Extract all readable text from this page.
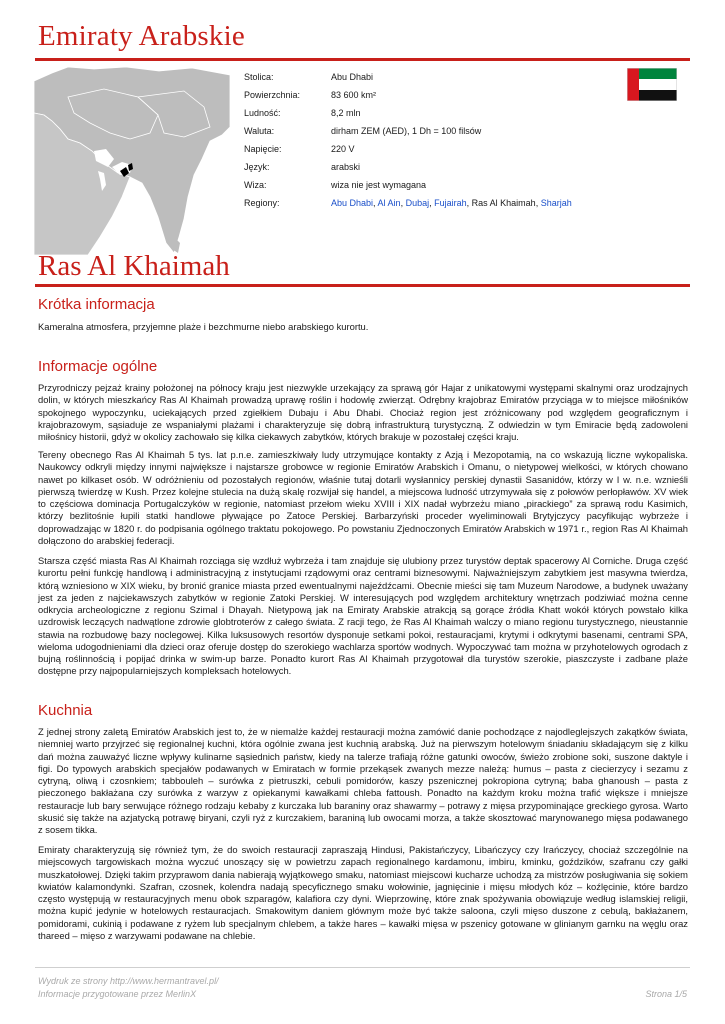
Emiraty Arabskie
Stolica:	Abu Dhabi
Powierzchnia:	83 600 km²
Ludność:	8,2 mln
Waluta:	dirham ZEM (AED), 1 Dh = 100 filsów
Napięcie:	220 V
Język:	arabski
Wiza:	wiza nie jest wymagana
Regiony:	Abu Dhabi, Al Ain, Dubaj, Fujairah, Ras Al Khaimah, Sharjah
Ras Al Khaimah
Krótka informacja

Kameralna atmosfera, przyjemne plaże i bezchmurne niebo arabskiego kurortu.

Informacje ogólne

Przyrodniczy pejzaż krainy położonej na północy kraju jest niezwykle urzekający za sprawą gór Hajar z unikatowymi występami skalnymi oraz urodzajnych dolin, w których mieszkańcy Ras Al Khaimah prowadzą uprawę roślin i hodowlę zwierząt. Odrębny krajobraz Emiratów przyciąga w to miejsce miłośników spokojnego wypoczynku, uciekających przed zgiełkiem Dubaju i Abu Dhabi. Chociaż region jest zróżnicowany pod względem geograficznym i krajobrazowym, sąsiaduje ze wspaniałymi plażami i charakteryzuje się dobrą infrastrukturą turystyczną. Z odwiedzin w tym Emiracie będą zadowoleni miłośnicy historii, gdyż w okolicy zachowało się kilka ciekawych zabytków, których brakuje w pozostałej części kraju.

Tereny obecnego Ras Al Khaimah 5 tys. lat p.n.e. zamieszkiwały ludy utrzymujące kontakty z Azją i Mezopotamią, na co wskazują liczne wykopaliska. Naukowcy odkryli między innymi największe i najstarsze grobowce w regionie Emiratów Arabskich i Omanu, o nietypowej wielkości, w których chowano nawet po kilkaset osób. W odróżnieniu od pozostałych regionów, właśnie tutaj dotarli wysłannicy perskiej dynastii Sasanidów, którzy w I w. n.e. wznieśli pierwszą twierdzę w Kush. Przez kolejne stulecia na dużą skalę rozwijał się handel, a miejscowa ludność utrzymywała się z połowów perłopławów. XV wiek to częściowa dominacja Portugalczyków w regionie, natomiast przełom wieku XVIII i XIX nadał wybrzeżu miano „pirackiego” za sprawą rodu Kasimich, którzy bezlitośnie łupili statki handlowe pływające po Zatoce Perskiej. Barbarzyński proceder wyeliminowali Brytyjczycy pacyfikując wybrzeże i doprowadzając w 1820 r. do podpisania ogólnego traktatu pokojowego. Po powstaniu Zjednoczonych Emiratów Arabskich w 1971 r., region Ras Al Khaimah dołączono do arabskiej federacji.

Starsza część miasta Ras Al Khaimah rozciąga się wzdłuż wybrzeża i tam znajduje się ulubiony przez turystów deptak spacerowy Al Corniche. Druga część kurortu pełni funkcję handlową i administracyjną z instytucjami rządowymi oraz centrami biznesowymi. Najważniejszym zabytkiem jest masywna twierdza, którą wzniesiono w XIX wieku, by bronić granice miasta przed ewentualnymi najeźdźcami. Obecnie mieści się tam Muzeum Narodowe, a budynek uważany jest za jeden z najciekawszych zabytków w regionie Zatoki Perskiej. W interesujących pod względem architektury wnętrzach podziwiać można cenne odkrycia archeologiczne z regionu Szimal i Dhayah. Nietypową jak na Emiraty Arabskie atrakcją są gorące źródła Khatt wokół których powstało kilka uzdrowisk leczących nadwątlone zdrowie globtroterów z całego świata. Z racji tego, że Ras Al Khaimah walczy o miano regionu turystycznego, nieustannie stawia na rozbudowę bazy noclegowej. Kilka luksusowych resortów dysponuje setkami pokoi, restauracjami, krytymi i odkrytymi basenami, centrami SPA, wieloma udogodnieniami dla dzieci oraz oferuje dostęp do szerokiego wachlarza sportów wodnych. Wypoczywać tam można w przyhotelowych ogrodach z bujną roślinnością i popijać drinka w swim-up barze. Ponadto kurort Ras Al Khaimah przygotował dla turystów szerokie, piaszczyste i zadbane plaże dostępne przy najpopularniejszych kompleksach hotelowych.

Kuchnia

Z jednej strony zaletą Emiratów Arabskich jest to, że w niemalże każdej restauracji można zamówić danie pochodzące z najodleglejszych zakątków świata, niemniej warto przyjrzeć się regionalnej kuchni, która ogólnie zwana jest kuchnią arabską. Już na pierwszym hotelowym śniadaniu składającym się z kilku dań można zauważyć liczne wpływy kulinarne sąsiednich państw, kiedy na talerze trafiają różne gatunki owoców, świeżo zrobione soki, suszone daktyle i figi. Do typowych arabskich specjałów podawanych w Emiratach w formie przekąsek zwanych mezze należą: humus – pasta z ciecierzycy i sezamu z cytryną, oliwą i czosnkiem; tabbouleh – surówka z pietruszki, cebuli pomidorów, kaszy pszenicznej pokropiona cytryną; baba ghanoush – pasta z pieczonego bakłażana czy surówka z warzyw z opiekanymi kawałkami chleba fattoush. Ponadto na każdym kroku można trafić większe i mniejsze restauracje lub bary serwujące różnego rodzaju kebaby z kurczaka lub baraniny oraz shawarmy – potrawy z mięsa przypominające greckiego gyrosa. Warto skusić się także na azjatycką potrawę biryani, czyli ryż z kurczakiem, baraniną lub owocami morza, a także skosztować marynowanego mięsa podawanego z sosem tikka.

Emiraty charakteryzują się również tym, że do swoich restauracji zapraszają Hindusi, Pakistańczycy, Libańczycy czy Irańczycy, chociaż szczególnie na miejscowych targowiskach można wyczuć unoszący się w powietrzu zapach regionalnego kardamonu, imbiru, kminku, goździków, szafranu czy gałki muszkatołowej. Dzięki takim przyprawom dania nabierają wyjątkowego smaku, natomiast miejscowi kucharze uchodzą za mistrzów posługiwania się sokiem kwiatów kalamondynki. Szafran, czosnek, kolendra nadają specyficznego smaku wołowinie, jagnięcinie i mięsu młodych kóz – koźlęcinie, które bardzo często występują w restauracyjnych menu obok szparagów, kalafiora czy dyni. Wieprzowinę, które znak spożywania obowiązuje według islamskiej religii, można kupić jedynie w hotelowych restauracjach. Smakowitym daniem głównym może być także saloona, czyli mięso duszone z cebulą, bakłażanem, pomidorami, cukinią i podawane z ryżem lub specjalnym chlebem, a także hares – kawałki mięsa w pszenicy gotowane w glinianym garnku na węglu oraz thareed – mięso z warzywami podawane na chlebie.

Wydruk ze strony http://www.hermantravel.pl/
Informacje przygotowane przez MerlinX	Strona 1/5
